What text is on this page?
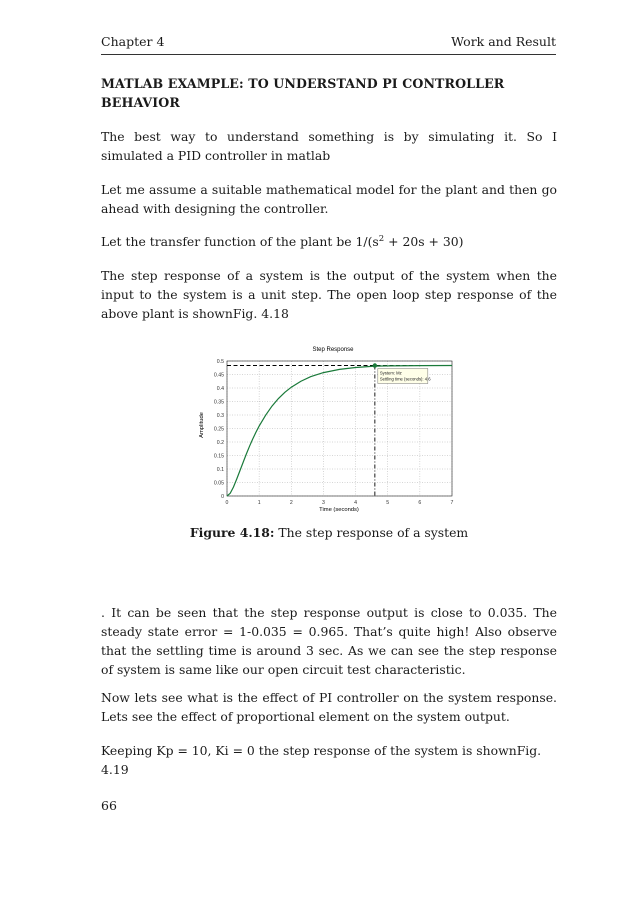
Chapter 4	Work and Result
MATLAB EXAMPLE: TO UNDERSTAND PI CONTROLLER BEHAVIOR
The best way to understand something is by simulating it. So I simulated a PID controller in matlab
Let me assume a suitable mathematical model for the plant and then go ahead with designing the controller.
Let the transfer function of the plant be $1/(s^2 + 20s + 30)$
The step response of a system is the output of the system when the input to the system is a unit step. The open loop step response of the above plant is shownFig. 4.18
Step Response
Amplitude
Time (seconds)
0	1	2	3	4	5	6	7
0
0.05
0.1
0.15
0.2
0.25
0.3
0.35
0.4
0.45
0.5
System: Mz
Settling time (seconds): 4.6
Figure 4.18: The step response of a system
. It can be seen that the step response output is close to 0.035. The steady state error = 1-0.035 = 0.965. That’s quite high! Also observe that the settling time is around 3 sec. As we can see the step response of system is same like our open circuit test characteristic.
Now lets see what is the effect of PI controller on the system response. Lets see the effect of proportional element on the system output.
Keeping Kp = 10, Ki = 0 the step response of the system is shownFig. 4.19
66
